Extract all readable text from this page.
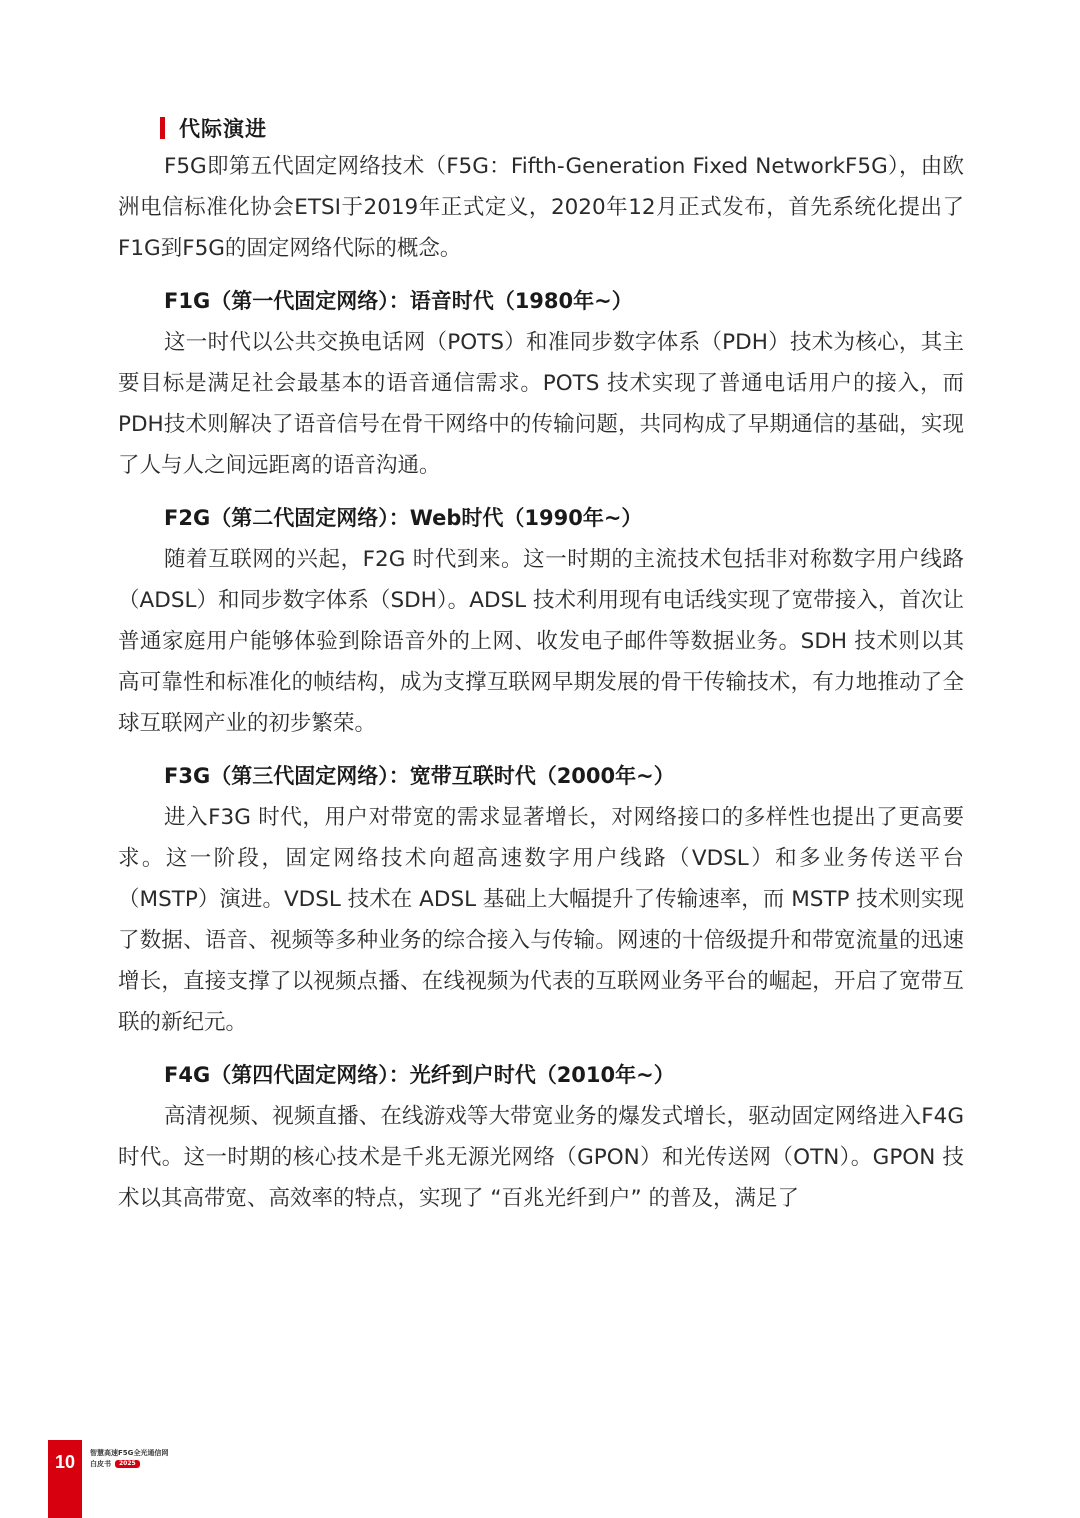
代际演进

F5G即第五代固定网络技术（F5G：Fifth-Generation Fixed NetworkF5G），由欧洲电信标准化协会ETSI于2019年正式定义，2020年12月正式发布，首先系统化提出了F1G到F5G的固定网络代际的概念。

F1G（第一代固定网络）：语音时代（1980年~）

这一时代以公共交换电话网（POTS）和准同步数字体系（PDH）技术为核心，其主要目标是满足社会最基本的语音通信需求。POTS 技术实现了普通电话用户的接入，而PDH技术则解决了语音信号在骨干网络中的传输问题，共同构成了早期通信的基础，实现了人与人之间远距离的语音沟通。

F2G（第二代固定网络）：Web时代（1990年~）

随着互联网的兴起，F2G 时代到来。这一时期的主流技术包括非对称数字用户线路（ADSL）和同步数字体系（SDH）。ADSL 技术利用现有电话线实现了宽带接入，首次让普通家庭用户能够体验到除语音外的上网、收发电子邮件等数据业务。SDH 技术则以其高可靠性和标准化的帧结构，成为支撑互联网早期发展的骨干传输技术，有力地推动了全球互联网产业的初步繁荣。

F3G（第三代固定网络）：宽带互联时代（2000年~）

进入F3G 时代，用户对带宽的需求显著增长，对网络接口的多样性也提出了更高要求。这一阶段，固定网络技术向超高速数字用户线路（VDSL）和多业务传送平台（MSTP）演进。VDSL 技术在 ADSL 基础上大幅提升了传输速率，而 MSTP 技术则实现了数据、语音、视频等多种业务的综合接入与传输。网速的十倍级提升和带宽流量的迅速增长，直接支撑了以视频点播、在线视频为代表的互联网业务平台的崛起，开启了宽带互联的新纪元。

F4G（第四代固定网络）：光纤到户时代（2010年~）

高清视频、视频直播、在线游戏等大带宽业务的爆发式增长，驱动固定网络进入F4G 时代。这一时期的核心技术是千兆无源光网络（GPON）和光传送网（OTN）。GPON 技术以其高带宽、高效率的特点，实现了 “百兆光纤到户” 的普及，满足了

10 智慧高速F5G全光通信网
白皮书 2025
